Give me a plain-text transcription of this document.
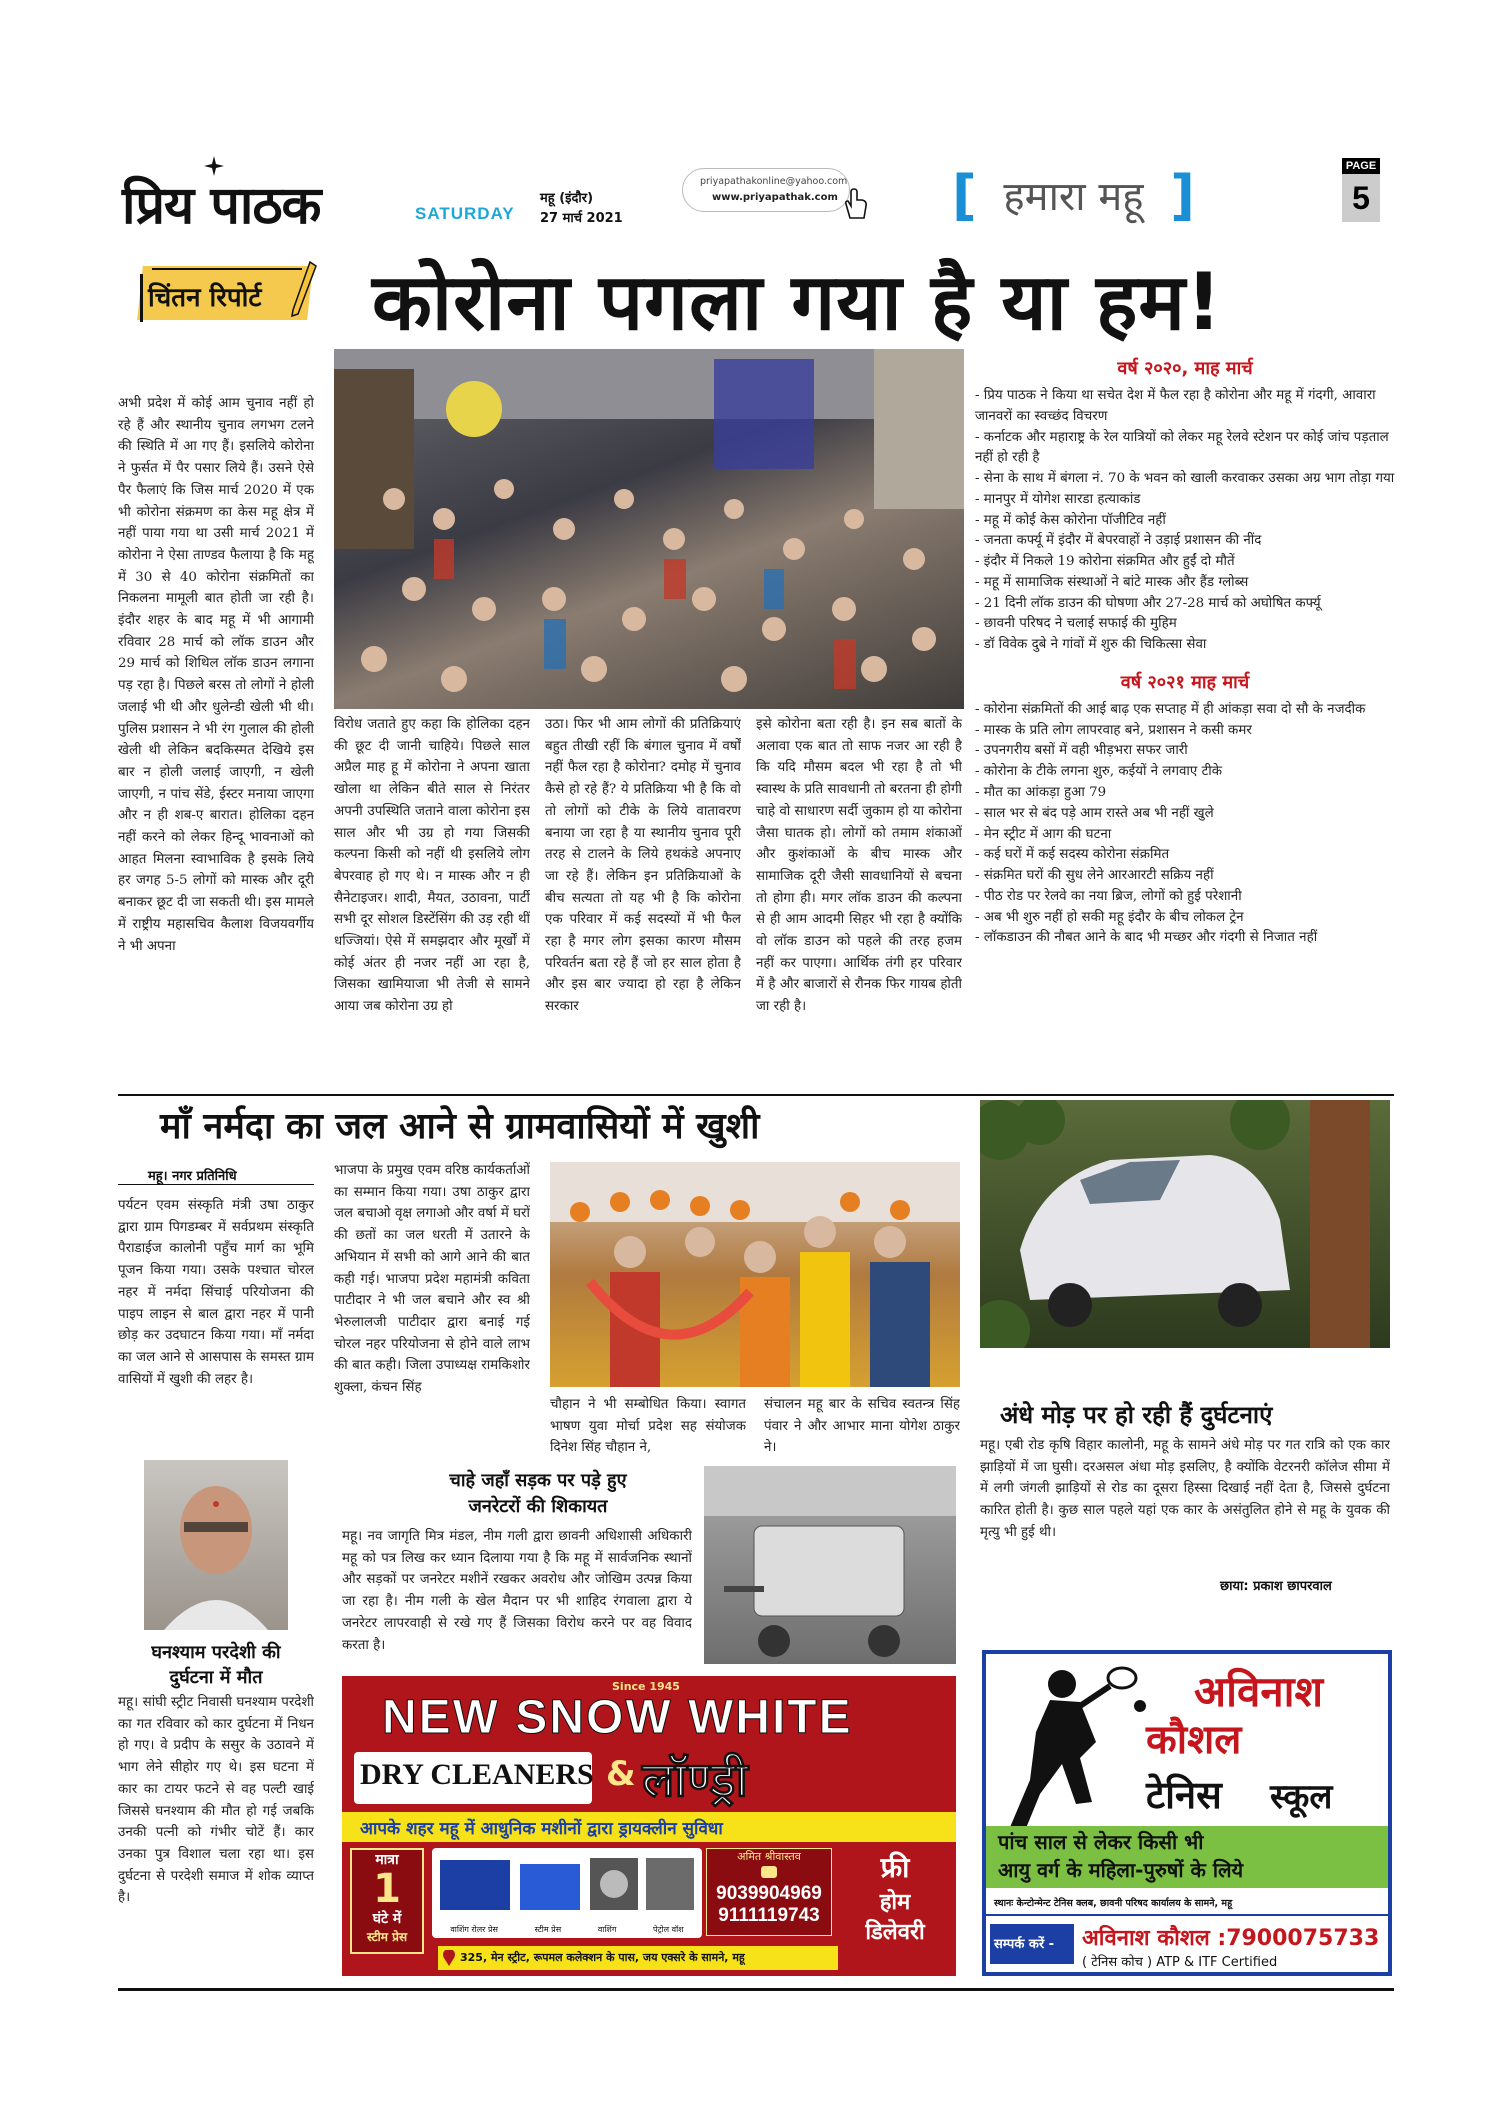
प्रिय पाठक	SATURDAY
महू (इंदौर)
27 मार्च 2021
priyapathakonline@yahoo.com
www.priyapathak.com [ हमारा महू ]	PAGE
5
चिंतन रिपोर्ट कोरोना पगला गया है या हम!
अभी प्रदेश में कोई आम चुनाव नहीं हो रहे हैं और स्थानीय चुनाव लगभग टलने की स्थिति में आ गए हैं। इसलिये कोरोना ने फुर्सत में पैर पसार लिये हैं। उसने ऐसे पैर फैलाएं कि जिस मार्च 2020 में एक भी कोरोना संक्रमण का केस महू क्षेत्र में नहीं पाया गया था उसी मार्च 2021 में कोरोना ने ऐसा ताण्डव फैलाया है कि महू में 30 से 40 कोरोना संक्रमितों का निकलना मामूली बात होती जा रही है। इंदौर शहर के बाद महू में भी आगामी रविवार 28 मार्च को लॉक डाउन और 29 मार्च को शिथिल लॉक डाउन लगाना पड़ रहा है। पिछले बरस तो लोगों ने होली जलाई भी थी और धुलेन्डी खेली भी थी। पुलिस प्रशासन ने भी रंग गुलाल की होली खेली थी लेकिन बदकिस्मत देखिये इस बार न होली जलाई जाएगी, न खेली जाएगी, न पांच सेंडे, ईस्टर मनाया जाएगा और न ही शब-ए बारात। होलिका दहन नहीं करने को लेकर हिन्दू भावनाओं को आहत मिलना स्वाभाविक है इसके लिये हर जगह 5-5 लोगों को मास्क और दूरी बनाकर छूट दी जा सकती थी। इस मामले में राष्ट्रीय महासचिव कैलाश विजयवर्गीय ने भी अपना
विरोध जताते हुए कहा कि होलिका दहन की छूट दी जानी चाहिये। पिछले साल अप्रैल माह हू में कोरोना ने अपना खाता खोला था लेकिन बीते साल से निरंतर अपनी उपस्थिति जताने वाला कोरोना इस साल और भी उग्र हो गया जिसकी कल्पना किसी को नहीं थी इसलिये लोग बेपरवाह हो गए थे। न मास्क और न ही सैनेटाइजर। शादी, मैयत, उठावना, पार्टी सभी दूर सोशल डिस्टेंसिंग की उड़ रही थीं धज्जियां। ऐसे में समझदार और मूर्खों में कोई अंतर ही नजर नहीं आ रहा है, जिसका खामियाजा भी तेजी से सामने आया जब कोरोना उग्र हो
उठा। फिर भी आम लोगों की प्रतिक्रियाएं बहुत तीखी रहीं कि बंगाल चुनाव में वर्षों नहीं फैल रहा है कोरोना? दमोह में चुनाव कैसे हो रहे हैं? ये प्रतिक्रिया भी है कि वो तो लोगों को टीके के लिये वातावरण बनाया जा रहा है या स्थानीय चुनाव पूरी तरह से टालने के लिये हथकंडे अपनाए जा रहे हैं। लेकिन इन प्रतिक्रियाओं के बीच सत्यता तो यह भी है कि कोरोना एक परिवार में कई सदस्यों में भी फैल रहा है मगर लोग इसका कारण मौसम परिवर्तन बता रहे हैं जो हर साल होता है और इस बार ज्यादा हो रहा है लेकिन सरकार
इसे कोरोना बता रही है। इन सब बातों के अलावा एक बात तो साफ नजर आ रही है कि यदि मौसम बदल भी रहा है तो भी स्वास्थ के प्रति सावधानी तो बरतना ही होगी चाहे वो साधारण सर्दी जुकाम हो या कोरोना जैसा घातक हो। लोगों को तमाम शंकाओं और कुशंकाओं के बीच मास्क और सामाजिक दूरी जैसी सावधानियों से बचना तो होगा ही। मगर लॉक डाउन की कल्पना से ही आम आदमी सिहर भी रहा है क्योंकि वो लॉक डाउन को पहले की तरह हजम नहीं कर पाएगा। आर्थिक तंगी हर परिवार में है और बाजारों से रौनक फिर गायब होती जा रही है।
वर्ष २०२०, माह मार्च
- प्रिय पाठक ने किया था सचेत देश में फैल रहा है कोरोना और महू में गंदगी, आवारा जानवरों का स्वच्छंद विचरण
- कर्नाटक और महाराष्ट्र के रेल यात्रियों को लेकर महू रेलवे स्टेशन पर कोई जांच पड़ताल नहीं हो रही है
- सेना के साथ में बंगला नं. 70 के भवन को खाली करवाकर उसका अग्र भाग तोड़ा गया
- मानपुर में योगेश सारडा हत्याकांड
- महू में कोई केस कोरोना पॉजीटिव नहीं
- जनता कर्फ्यू में इंदौर में बेपरवाहों ने उड़ाई प्रशासन की नींद
- इंदौर में निकले 19 कोरोना संक्रमित और हुईं दो मौतें
- महू में सामाजिक संस्थाओं ने बांटे मास्क और हैंड ग्लोब्स
- 21 दिनी लॉक डाउन की घोषणा और 27-28 मार्च को अघोषित कर्फ्यू
- छावनी परिषद ने चलाई सफाई की मुहिम
- डॉ विवेक दुबे ने गांवों में शुरु की चिकित्सा सेवा
वर्ष २०२१ माह मार्च
- कोरोना संक्रमितों की आई बाढ़ एक सप्ताह में ही आंकड़ा सवा दो सौ के नजदीक
- मास्क के प्रति लोग लापरवाह बने, प्रशासन ने कसी कमर
- उपनगरीय बसों में वही भीड़भरा सफर जारी
- कोरोना के टीके लगना शुरु, कईयों ने लगवाए टीके
- मौत का आंकड़ा हुआ 79
- साल भर से बंद पड़े आम रास्ते अब भी नहीं खुले
- मेन स्ट्रीट में आग की घटना
- कई घरों में कई सदस्य कोरोना संक्रमित
- संक्रमित घरों की सुध लेने आरआरटी सक्रिय नहीं
- पीठ रोड पर रेलवे का नया ब्रिज, लोगों को हुई परेशानी
- अब भी शुरु नहीं हो सकी महू इंदौर के बीच लोकल ट्रेन
- लॉकडाउन की नौबत आने के बाद भी मच्छर और गंदगी से निजात नहीं
माँ नर्मदा का जल आने से ग्रामवासियों में खुशी
महू। नगर प्रतिनिधि
पर्यटन एवम संस्कृति मंत्री उषा ठाकुर द्वारा ग्राम पिगडम्बर में सर्वप्रथम संस्कृति पैराडाईज कालोनी पहुँच मार्ग का भूमि पूजन किया गया। उसके पश्चात चोरल नहर में नर्मदा सिंचाई परियोजना की पाइप लाइन से बाल द्वारा नहर में पानी छोड़ कर उदघाटन किया गया। माँ नर्मदा का जल आने से आसपास के समस्त ग्राम वासियों में खुशी की लहर है।
भाजपा के प्रमुख एवम वरिष्ठ कार्यकर्ताओं का सम्मान किया गया। उषा ठाकुर द्वारा जल बचाओ वृक्ष लगाओ और वर्षा में घरों की छतों का जल धरती में उतारने के अभियान में सभी को आगे आने की बात कही गई। भाजपा प्रदेश महामंत्री कविता पाटीदार ने भी जल बचाने और स्व श्री भेरुलालजी पाटीदार द्वारा बनाई गई चोरल नहर परियोजना से होने वाले लाभ की बात कही। जिला उपाध्यक्ष रामकिशोर शुक्ला, कंचन सिंह
चौहान ने भी सम्बोधित किया। स्वागत भाषण युवा मोर्चा प्रदेश सह संयोजक दिनेश सिंह चौहान ने,
संचालन महू बार के सचिव स्वतन्त्र सिंह पंवार ने और आभार माना योगेश ठाकुर ने।
अंधे मोड़ पर हो रही हैं दुर्घटनाएं
महू। एबी रोड कृषि विहार कालोनी, महू के सामने अंधे मोड़ पर गत रात्रि को एक कार झाड़ियों में जा घुसी। दरअसल अंधा मोड़ इसलिए, है क्योंकि वेटरनरी कॉलेज सीमा में में लगी जंगली झाड़ियों से रोड का दूसरा हिस्सा दिखाई नहीं देता है, जिससे दुर्घटना कारित होती है। कुछ साल पहले यहां एक कार के असंतुलित होने से महू के युवक की मृत्यु भी हुई थी।
छाया: प्रकाश छापरवाल
चाहे जहाँ सड़क पर पड़े हुए
जनरेटरों की शिकायत
महू। नव जागृति मित्र मंडल, नीम गली द्वारा छावनी अधिशासी अधिकारी महू को पत्र लिख कर ध्यान दिलाया गया है कि महू में सार्वजनिक स्थानों और सड़कों पर जनरेटर मशीनें रखकर अवरोध और जोखिम उत्पन्न किया जा रहा है। नीम गली के खेल मैदान पर भी शाहिद रंगवाला द्वारा ये जनरेटर लापरवाही से रखे गए हैं जिसका विरोध करने पर वह विवाद करता है।
घनश्याम परदेशी की
दुर्घटना में मौत
महू। सांघी स्ट्रीट निवासी घनश्याम परदेशी का गत रविवार को कार दुर्घटना में निधन हो गए। वे प्रदीप के ससुर के उठावने में भाग लेने सीहोर गए थे। इस घटना में कार का टायर फटने से वह पल्टी खाई जिससे घनश्याम की मौत हो गई जबकि उनकी पत्नी को गंभीर चोटें हैं। कार उनका पुत्र विशाल चला रहा था। इस दुर्घटना से परदेशी समाज में शोक व्याप्त है।
Since 1945
NEW SNOW WHITE
DRY CLEANERS & लॉण्ड्री
आपके शहर महू में आधुनिक मशीनों द्वारा ड्रायक्लीन सुविधा
मात्रा
1
घंटे में
स्टीम प्रेस
वाशिंग रोलर प्रेस	स्टीम प्रेस	वाशिंग	पेट्रोल वॉश
अमित श्रीवास्तव
9039904969
9111119743
फ्री
होम
डिलेवरी
325, मेन स्ट्रीट, रूपमल कलेक्शन के पास, जय एक्सरे के सामने, महू
अविनाश
कौशल
टेनिस स्कूल
पांच साल से लेकर किसी भी
आयु वर्ग के महिला-पुरुषों के लिये
स्थानः केन्टोन्मेन्ट टेनिस क्लब, छावनी परिषद कार्यालय के सामने, महू
सम्पर्क करें - अविनाश कौशल :7900075733
( टेनिस कोच ) ATP & ITF Certified
